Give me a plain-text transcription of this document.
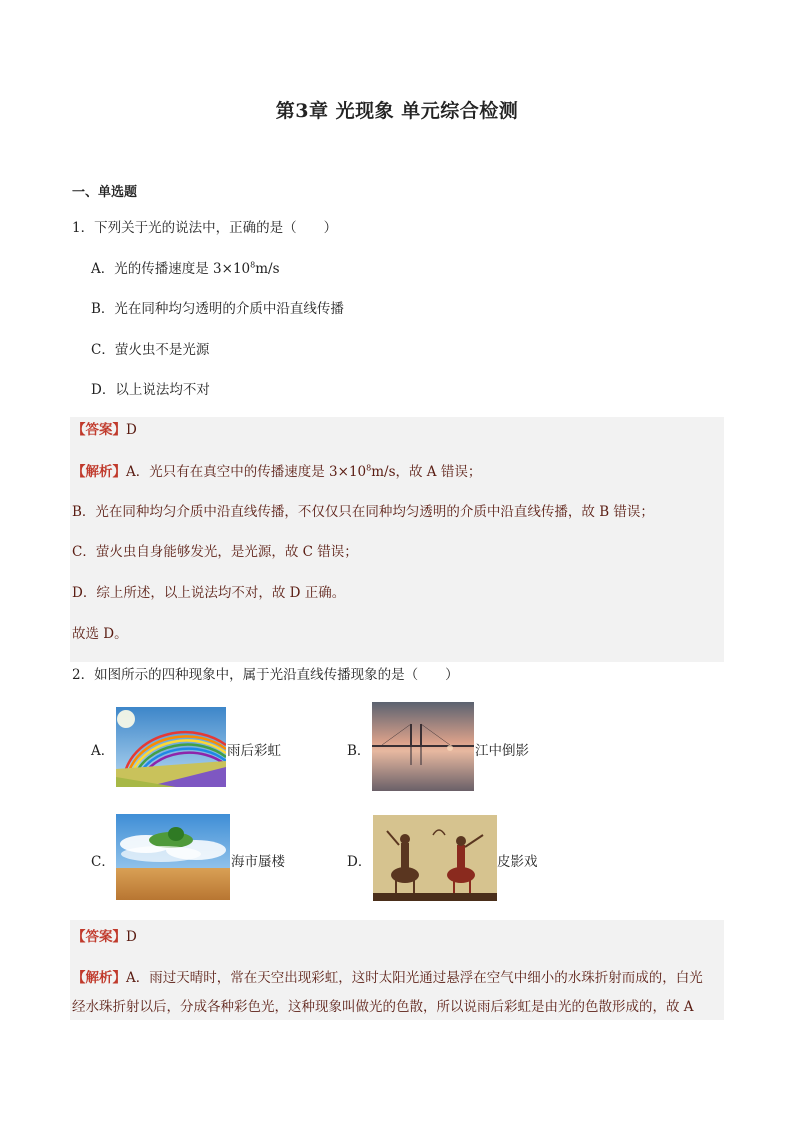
第3章 光现象 单元综合检测
一、单选题
1．下列关于光的说法中，正确的是（　　）
A．光的传播速度是 $3\times 10^8m/s$
B．光在同种均匀透明的介质中沿直线传播
C．萤火虫不是光源
D．以上说法均不对
【答案】D
【解析】A．光只有在真空中的传播速度是 $3\times 10^8m/s$，故 A 错误；
B．光在同种均匀介质中沿直线传播，不仅仅只在同种均匀透明的介质中沿直线传播，故 B 错误；
C．萤火虫自身能够发光，是光源，故 C 错误；
D．综上所述，以上说法均不对，故 D 正确。
故选 D。
2．如图所示的四种现象中，属于光沿直线传播现象的是（　　）
A．	雨后彩虹	B．	江中倒影
C．	海市蜃楼	D．	皮影戏
【答案】D
【解析】A．雨过天晴时，常在天空出现彩虹，这时太阳光通过悬浮在空气中细小的水珠折射而成的，白光
经水珠折射以后，分成各种彩色光，这种现象叫做光的色散，所以说雨后彩虹是由光的色散形成的，故 A
